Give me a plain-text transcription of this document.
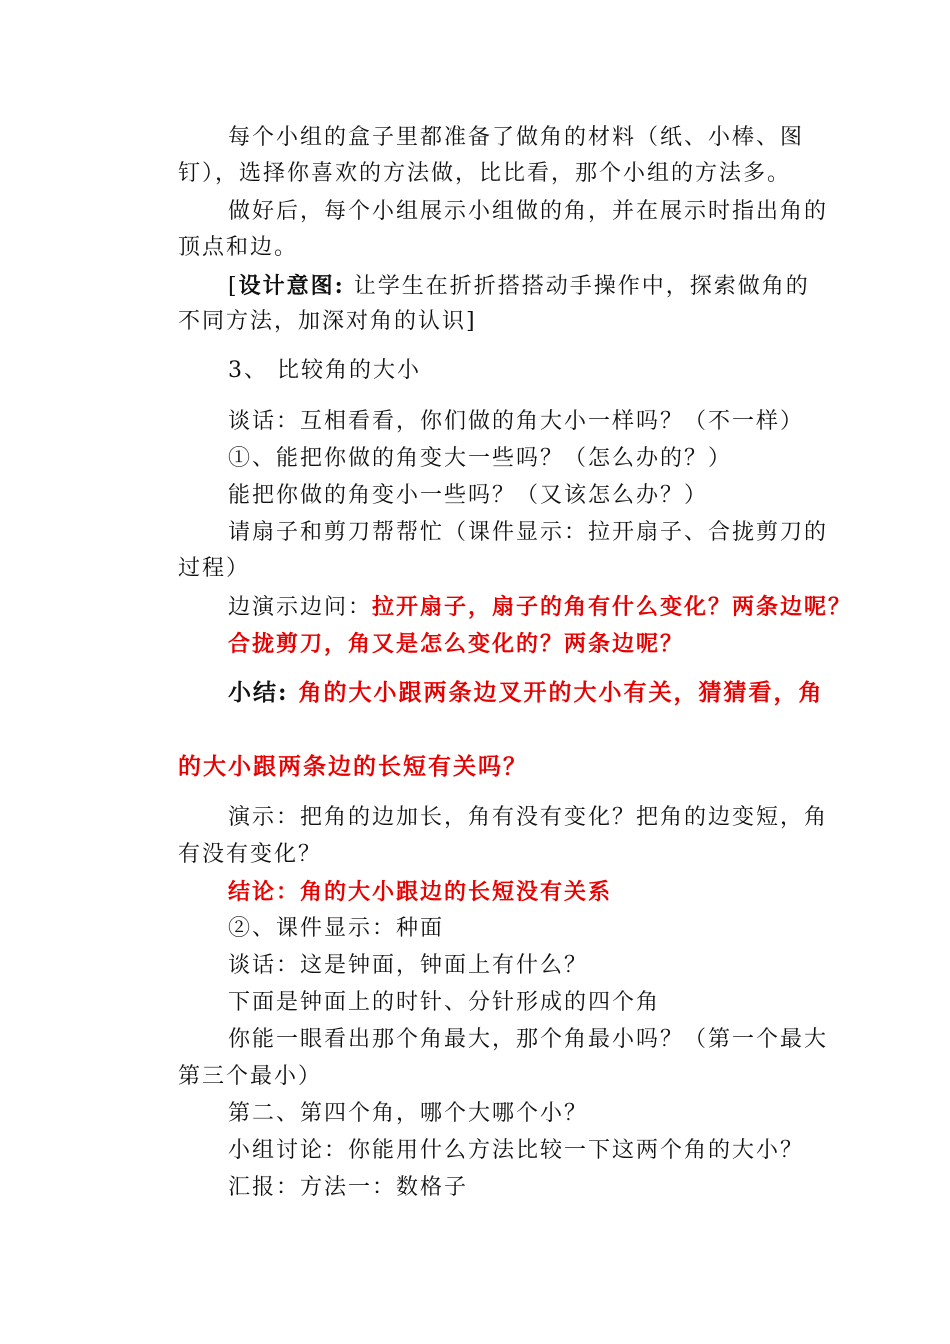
每个小组的盒子里都准备了做角的材料（纸、小棒、图
钉），选择你喜欢的方法做，比比看，那个小组的方法多。
做好后，每个小组展示小组做的角，并在展示时指出角的
顶点和边。
[设计意图: 让学生在折折搭搭动手操作中，探索做角的
不同方法，加深对角的认识]
3、 比较角的大小
谈话：互相看看，你们做的角大小一样吗？（不一样）
①、能把你做的角变大一些吗？（怎么办的？）
能把你做的角变小一些吗？（又该怎么办？）
请扇子和剪刀帮帮忙（课件显示：拉开扇子、合拢剪刀的
过程）
边演示边问：拉开扇子，扇子的角有什么变化？两条边呢？
合拢剪刀，角又是怎么变化的？两条边呢？
小结: 角的大小跟两条边叉开的大小有关，猜猜看，角
的大小跟两条边的长短有关吗？
演示：把角的边加长，角有没有变化？把角的边变短，角
有没有变化？
结论：角的大小跟边的长短没有关系
②、课件显示：种面
谈话：这是钟面，钟面上有什么？
下面是钟面上的时针、分针形成的四个角
你能一眼看出那个角最大，那个角最小吗？（第一个最大
第三个最小）
第二、第四个角，哪个大哪个小？
小组讨论：你能用什么方法比较一下这两个角的大小？
汇报：方法一：数格子
